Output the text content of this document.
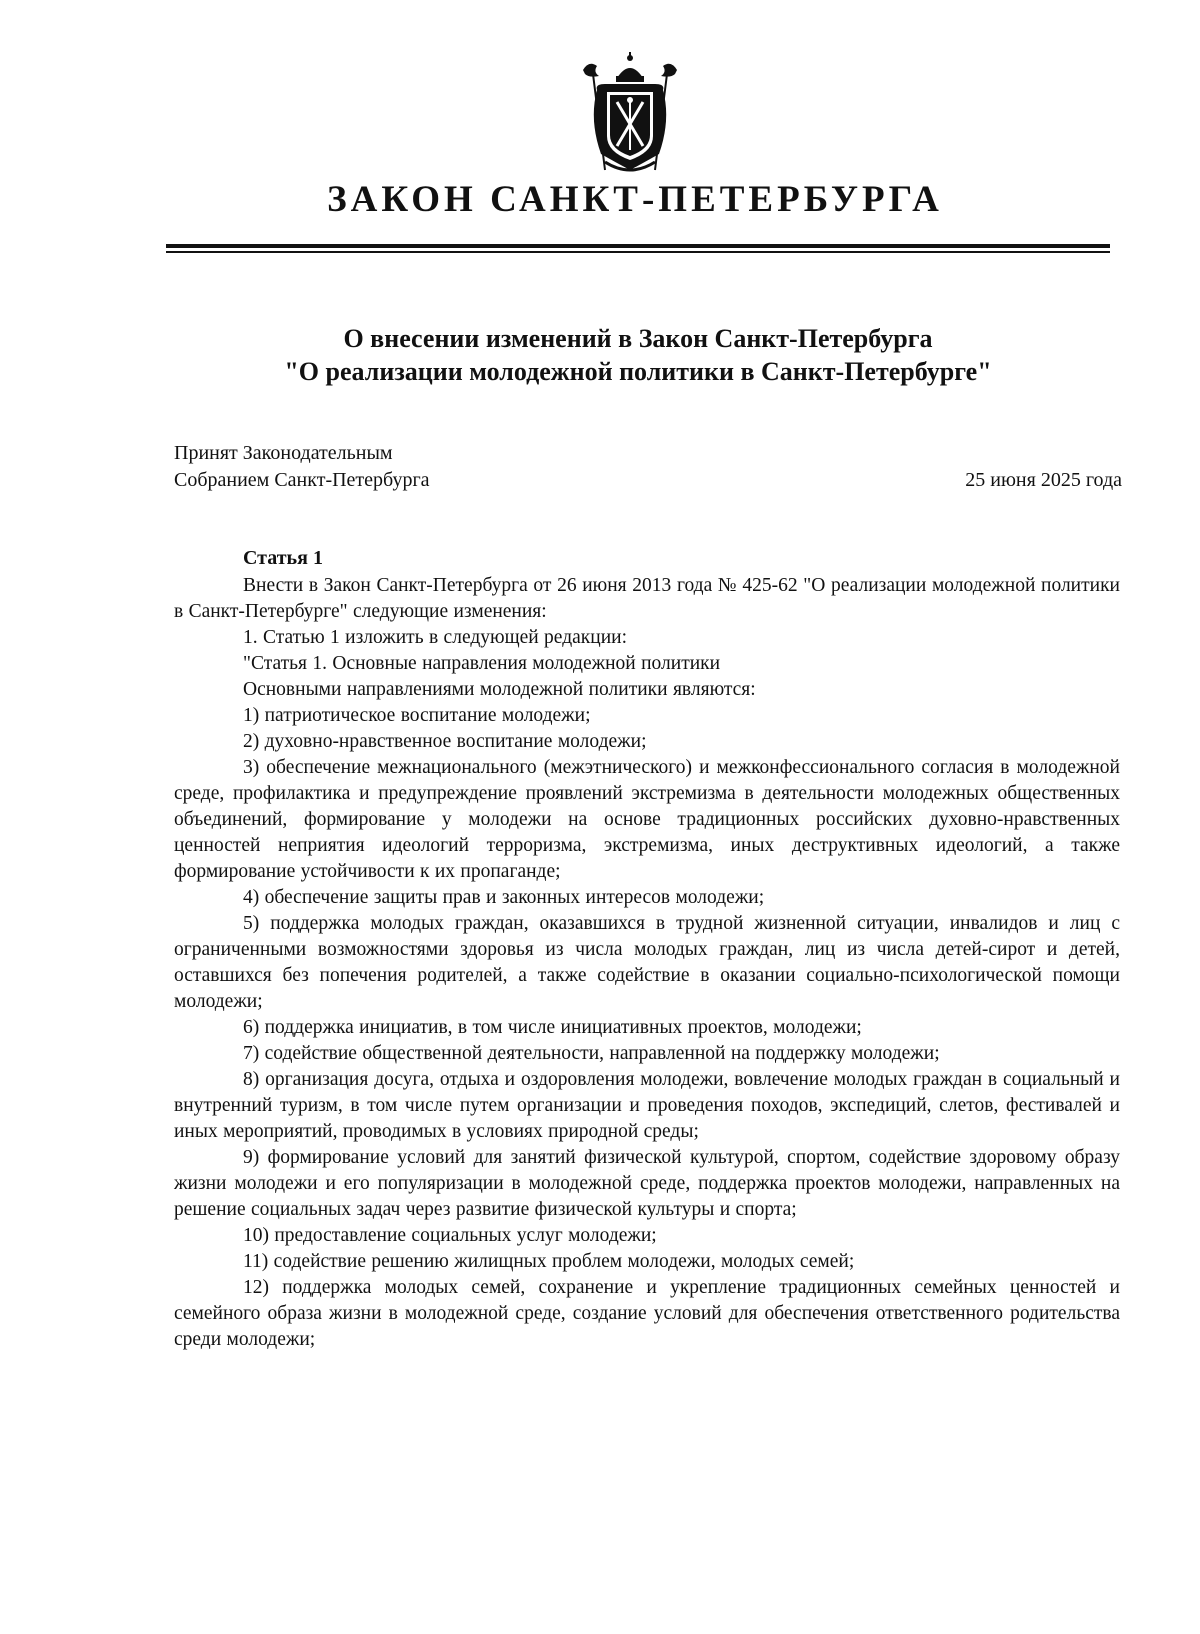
ЗАКОН САНКТ-ПЕТЕРБУРГА
О внесении изменений в Закон Санкт-Петербурга
"О реализации молодежной политики в Санкт-Петербурге"
Принят Законодательным
Собранием Санкт-Петербурга	25 июня 2025 года
Статья 1

Внести в Закон Санкт-Петербурга от 26 июня 2013 года № 425-62 "О реализации молодежной политики в Санкт-Петербурге" следующие изменения:

1. Статью 1 изложить в следующей редакции:

"Статья 1. Основные направления молодежной политики

Основными направлениями молодежной политики являются:

1) патриотическое воспитание молодежи;

2) духовно-нравственное воспитание молодежи;

3) обеспечение межнационального (межэтнического) и межконфессионального согласия в молодежной среде, профилактика и предупреждение проявлений экстремизма в деятельности молодежных общественных объединений, формирование у молодежи на основе традиционных российских духовно-нравственных ценностей неприятия идеологий терроризма, экстремизма, иных деструктивных идеологий, а также формирование устойчивости к их пропаганде;

4) обеспечение защиты прав и законных интересов молодежи;

5) поддержка молодых граждан, оказавшихся в трудной жизненной ситуации, инвалидов и лиц с ограниченными возможностями здоровья из числа молодых граждан, лиц из числа детей-сирот и детей, оставшихся без попечения родителей, а также содействие в оказании социально-психологической помощи молодежи;

6) поддержка инициатив, в том числе инициативных проектов, молодежи;

7) содействие общественной деятельности, направленной на поддержку молодежи;

8) организация досуга, отдыха и оздоровления молодежи, вовлечение молодых граждан в социальный и внутренний туризм, в том числе путем организации и проведения походов, экспедиций, слетов, фестивалей и иных мероприятий, проводимых в условиях природной среды;

9) формирование условий для занятий физической культурой, спортом, содействие здоровому образу жизни молодежи и его популяризации в молодежной среде, поддержка проектов молодежи, направленных на решение социальных задач через развитие физической культуры и спорта;

10) предоставление социальных услуг молодежи;

11) содействие решению жилищных проблем молодежи, молодых семей;

12) поддержка молодых семей, сохранение и укрепление традиционных семейных ценностей и семейного образа жизни в молодежной среде, создание условий для обеспечения ответственного родительства среди молодежи;
